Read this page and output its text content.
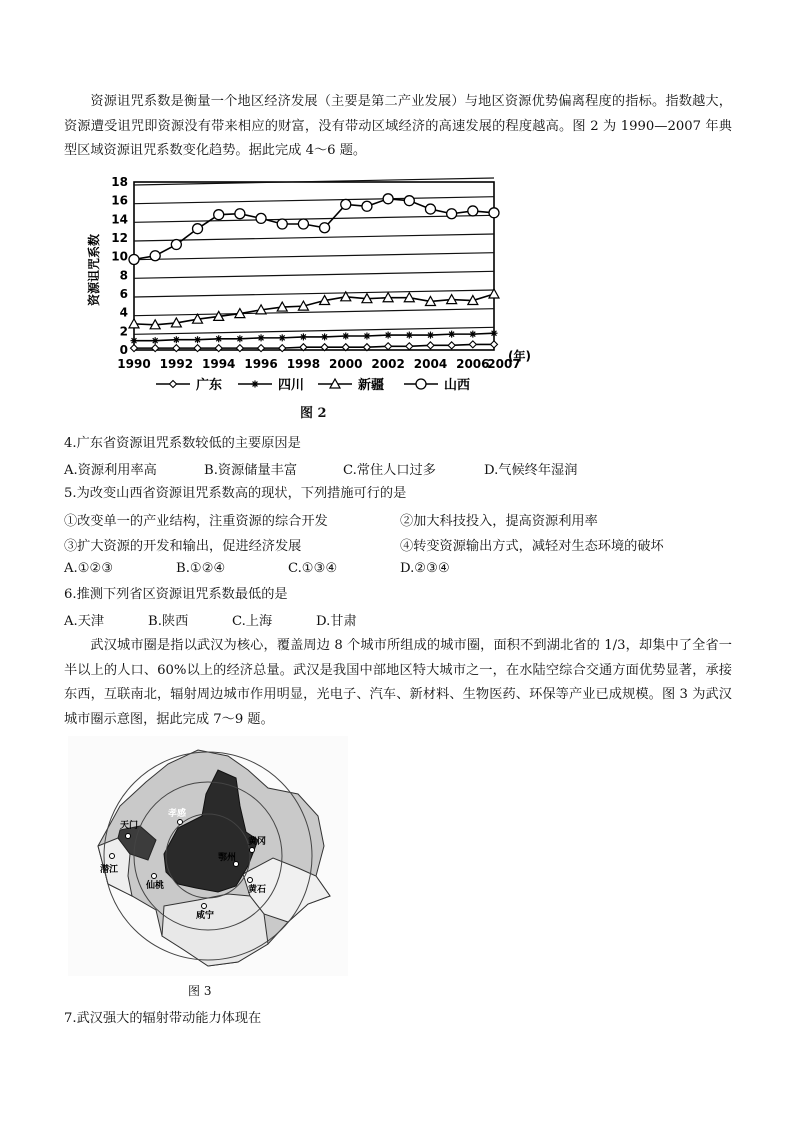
资源诅咒系数是衡量一个地区经济发展（主要是第二产业发展）与地区资源优势偏离程度的指标。指数越大，资源遭受诅咒即资源没有带来相应的财富，没有带动区域经济的高速发展的程度越高。图 2 为 1990—2007 年典型区域资源诅咒系数变化趋势。据此完成 4～6 题。
资源诅咒系数
0
2
4
6
8
10
12
14
16
18
1990 1992 1994 1996 1998 2000 2002 2004 2006
2007
(年)
广东	四川	新疆	山西
图 2
4.广东省资源诅咒系数较低的主要原因是
A.资源利用率高	B.资源储量丰富	C.常住人口过多	D.气候终年湿润
5.为改变山西省资源诅咒系数高的现状，下列措施可行的是
①改变单一的产业结构，注重资源的综合开发	②加大科技投入，提高资源利用率
③扩大资源的开发和输出，促进经济发展	④转变资源输出方式，减轻对生态环境的破坏
A.①②③	B.①②④	C.①③④	D.②③④
6.推测下列省区资源诅咒系数最低的是
A.天津	B.陕西	C.上海	D.甘肃
武汉城市圈是指以武汉为核心，覆盖周边 8 个城市所组成的城市圈，面积不到湖北省的 1/3，却集中了全省一半以上的人口、60%以上的经济总量。武汉是我国中部地区特大城市之一，在水陆空综合交通方面优势显著，承接东西，互联南北，辐射周边城市作用明显，光电子、汽车、新材料、生物医药、环保等产业已成规模。图 3 为武汉城市圈示意图，据此完成 7～9 题。
孝感
黄冈
鄂州
黄石
咸宁
潜江
天门
仙桃
图 3
7.武汉强大的辐射带动能力体现在
